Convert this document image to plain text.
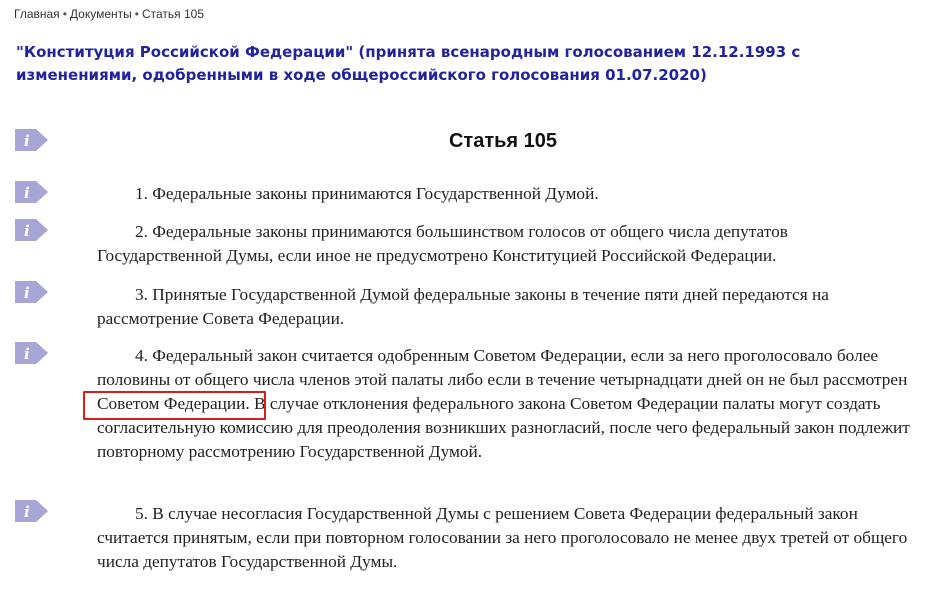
Главная • Документы • Статья 105
"Конституция Российской Федерации" (принята всенародным голосованием 12.12.1993 с изменениями, одобренными в ходе общероссийского голосования 01.07.2020)
i
i
i
i
i
i
Статья 105

1. Федеральные законы принимаются Государственной Думой.

2. Федеральные законы принимаются большинством голосов от общего числа депутатов Государственной Думы, если иное не предусмотрено Конституцией Российской Федерации.

3. Принятые Государственной Думой федеральные законы в течение пяти дней передаются на рассмотрение Совета Федерации.

4. Федеральный закон считается одобренным Советом Федерации, если за него проголосовало более половины от общего числа членов этой палаты либо если в течение четырнадцати дней он не был рассмотрен Советом Федерации. В случае отклонения федерального закона Советом Федерации палаты могут создать согласительную комиссию для преодоления возникших разногласий, после чего федеральный закон подлежит повторному рассмотрению Государственной Думой.

5. В случае несогласия Государственной Думы с решением Совета Федерации федеральный закон считается принятым, если при повторном голосовании за него проголосовало не менее двух третей от общего числа депутатов Государственной Думы.
